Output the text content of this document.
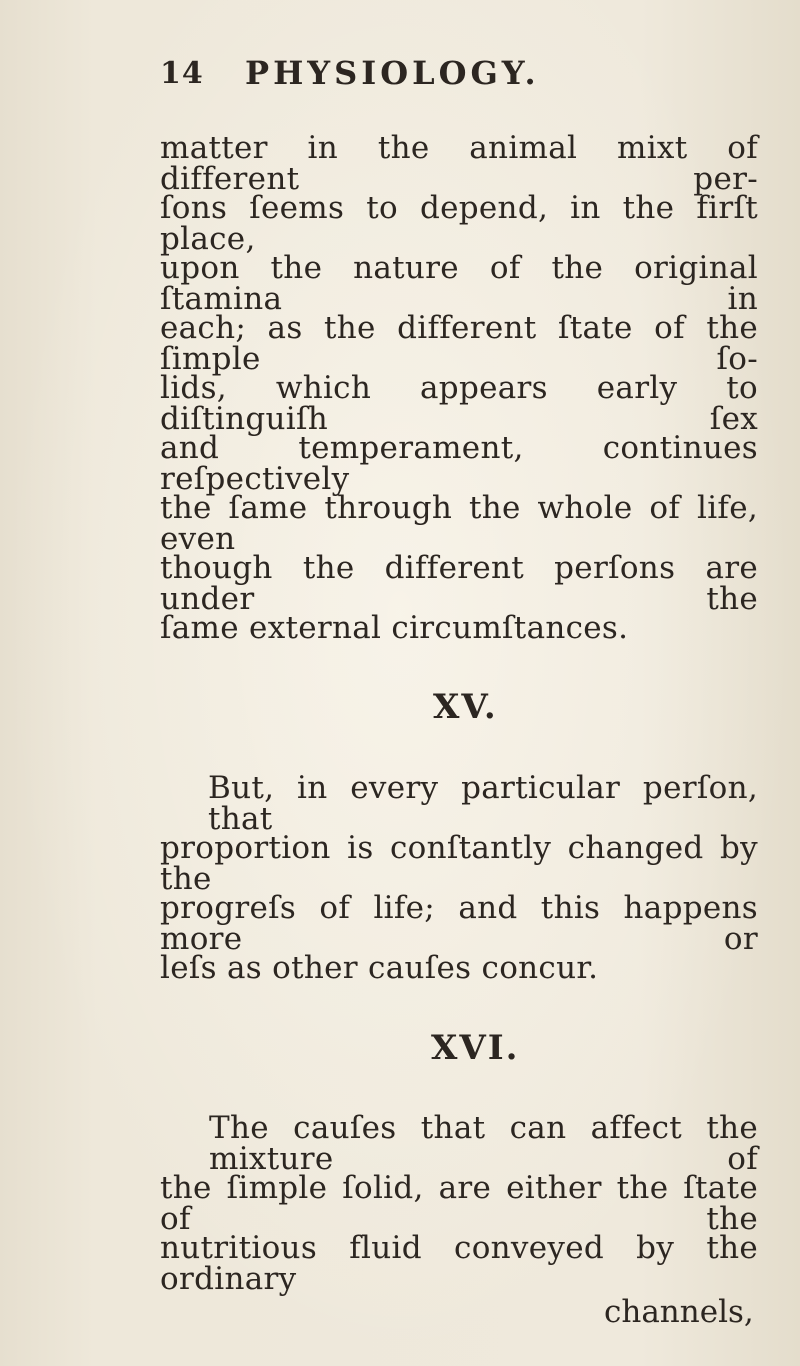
14 PHYSIOLOGY.
matter in the animal mixt of different per-
ſons ſeems to depend, in the firſt place,
upon the nature of the original ſtamina in
each; as the different ſtate of the ſimple ſo-
lids, which appears early to diſtinguiſh ſex
and temperament, continues reſpectively
the ſame through the whole of life, even
though the different perſons are under the
ſame external circumſtances.
XV.
But, in every particular perſon, that
proportion is conſtantly changed by the
progreſs of life; and this happens more or
leſs as other cauſes concur.
XVI.
The cauſes that can affect the mixture of
the ſimple ſolid, are either the ſtate of the
nutritious fluid conveyed by the ordinary
channels,
